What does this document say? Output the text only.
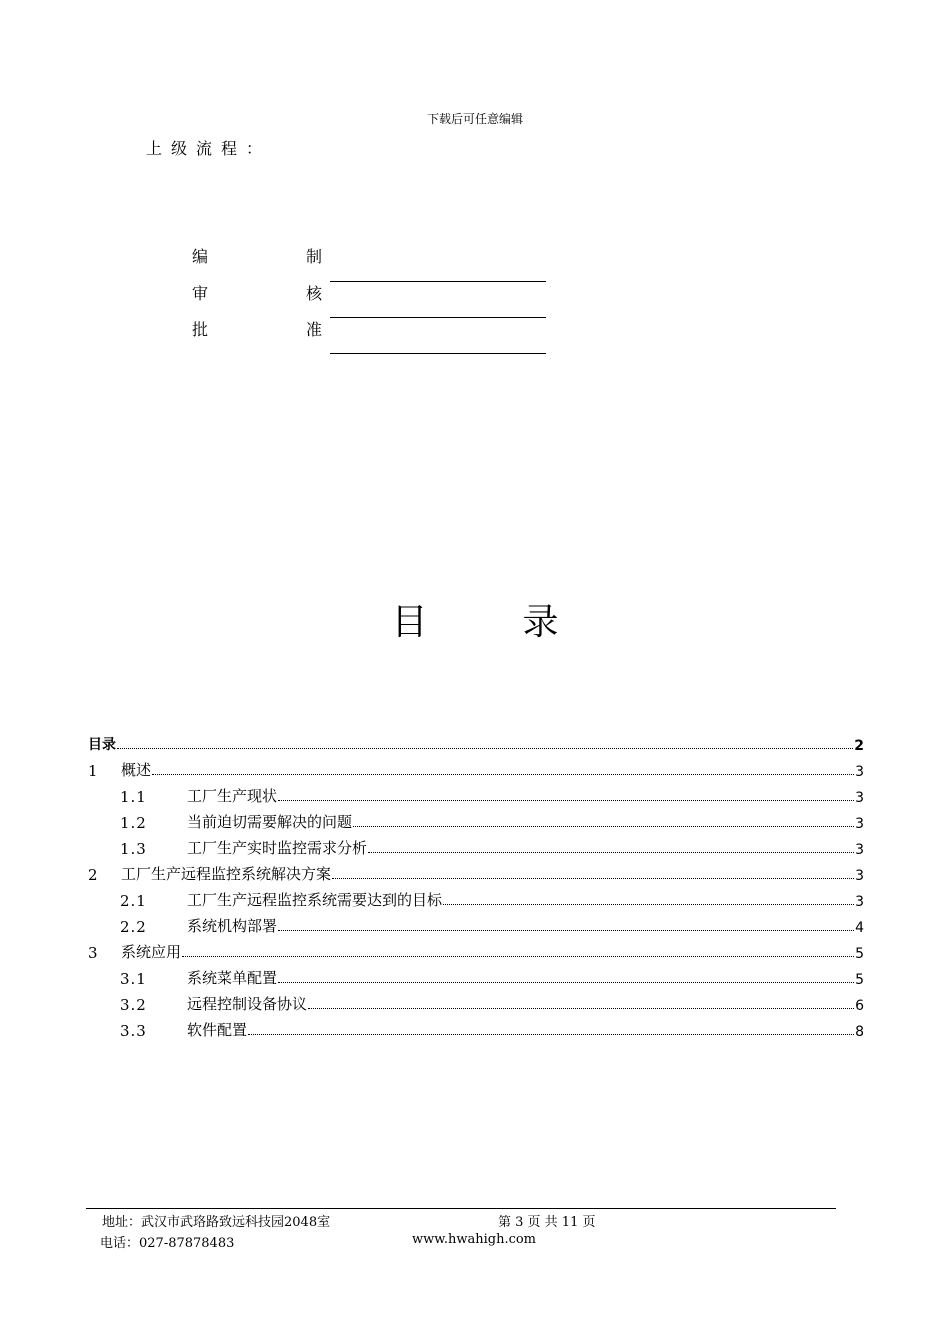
下载后可任意编辑
上级流程：
编	制
审	核
批	准
目	录
目录	2
1	概述	3
1.1	工厂生产现状	3
1.2	当前迫切需要解决的问题	3
1.3	工厂生产实时监控需求分析	3
2	工厂生产远程监控系统解决方案	3
2.1	工厂生产远程监控系统需要达到的目标	3
2.2	系统机构部署	4
3	系统应用	5
3.1	系统菜单配置	5
3.2	远程控制设备协议	6
3.3	软件配置	8
地址：武汉市武珞路致远科技园2048室	第 3 页 共 11 页
电话：027-87878483	www.hwahigh.com
